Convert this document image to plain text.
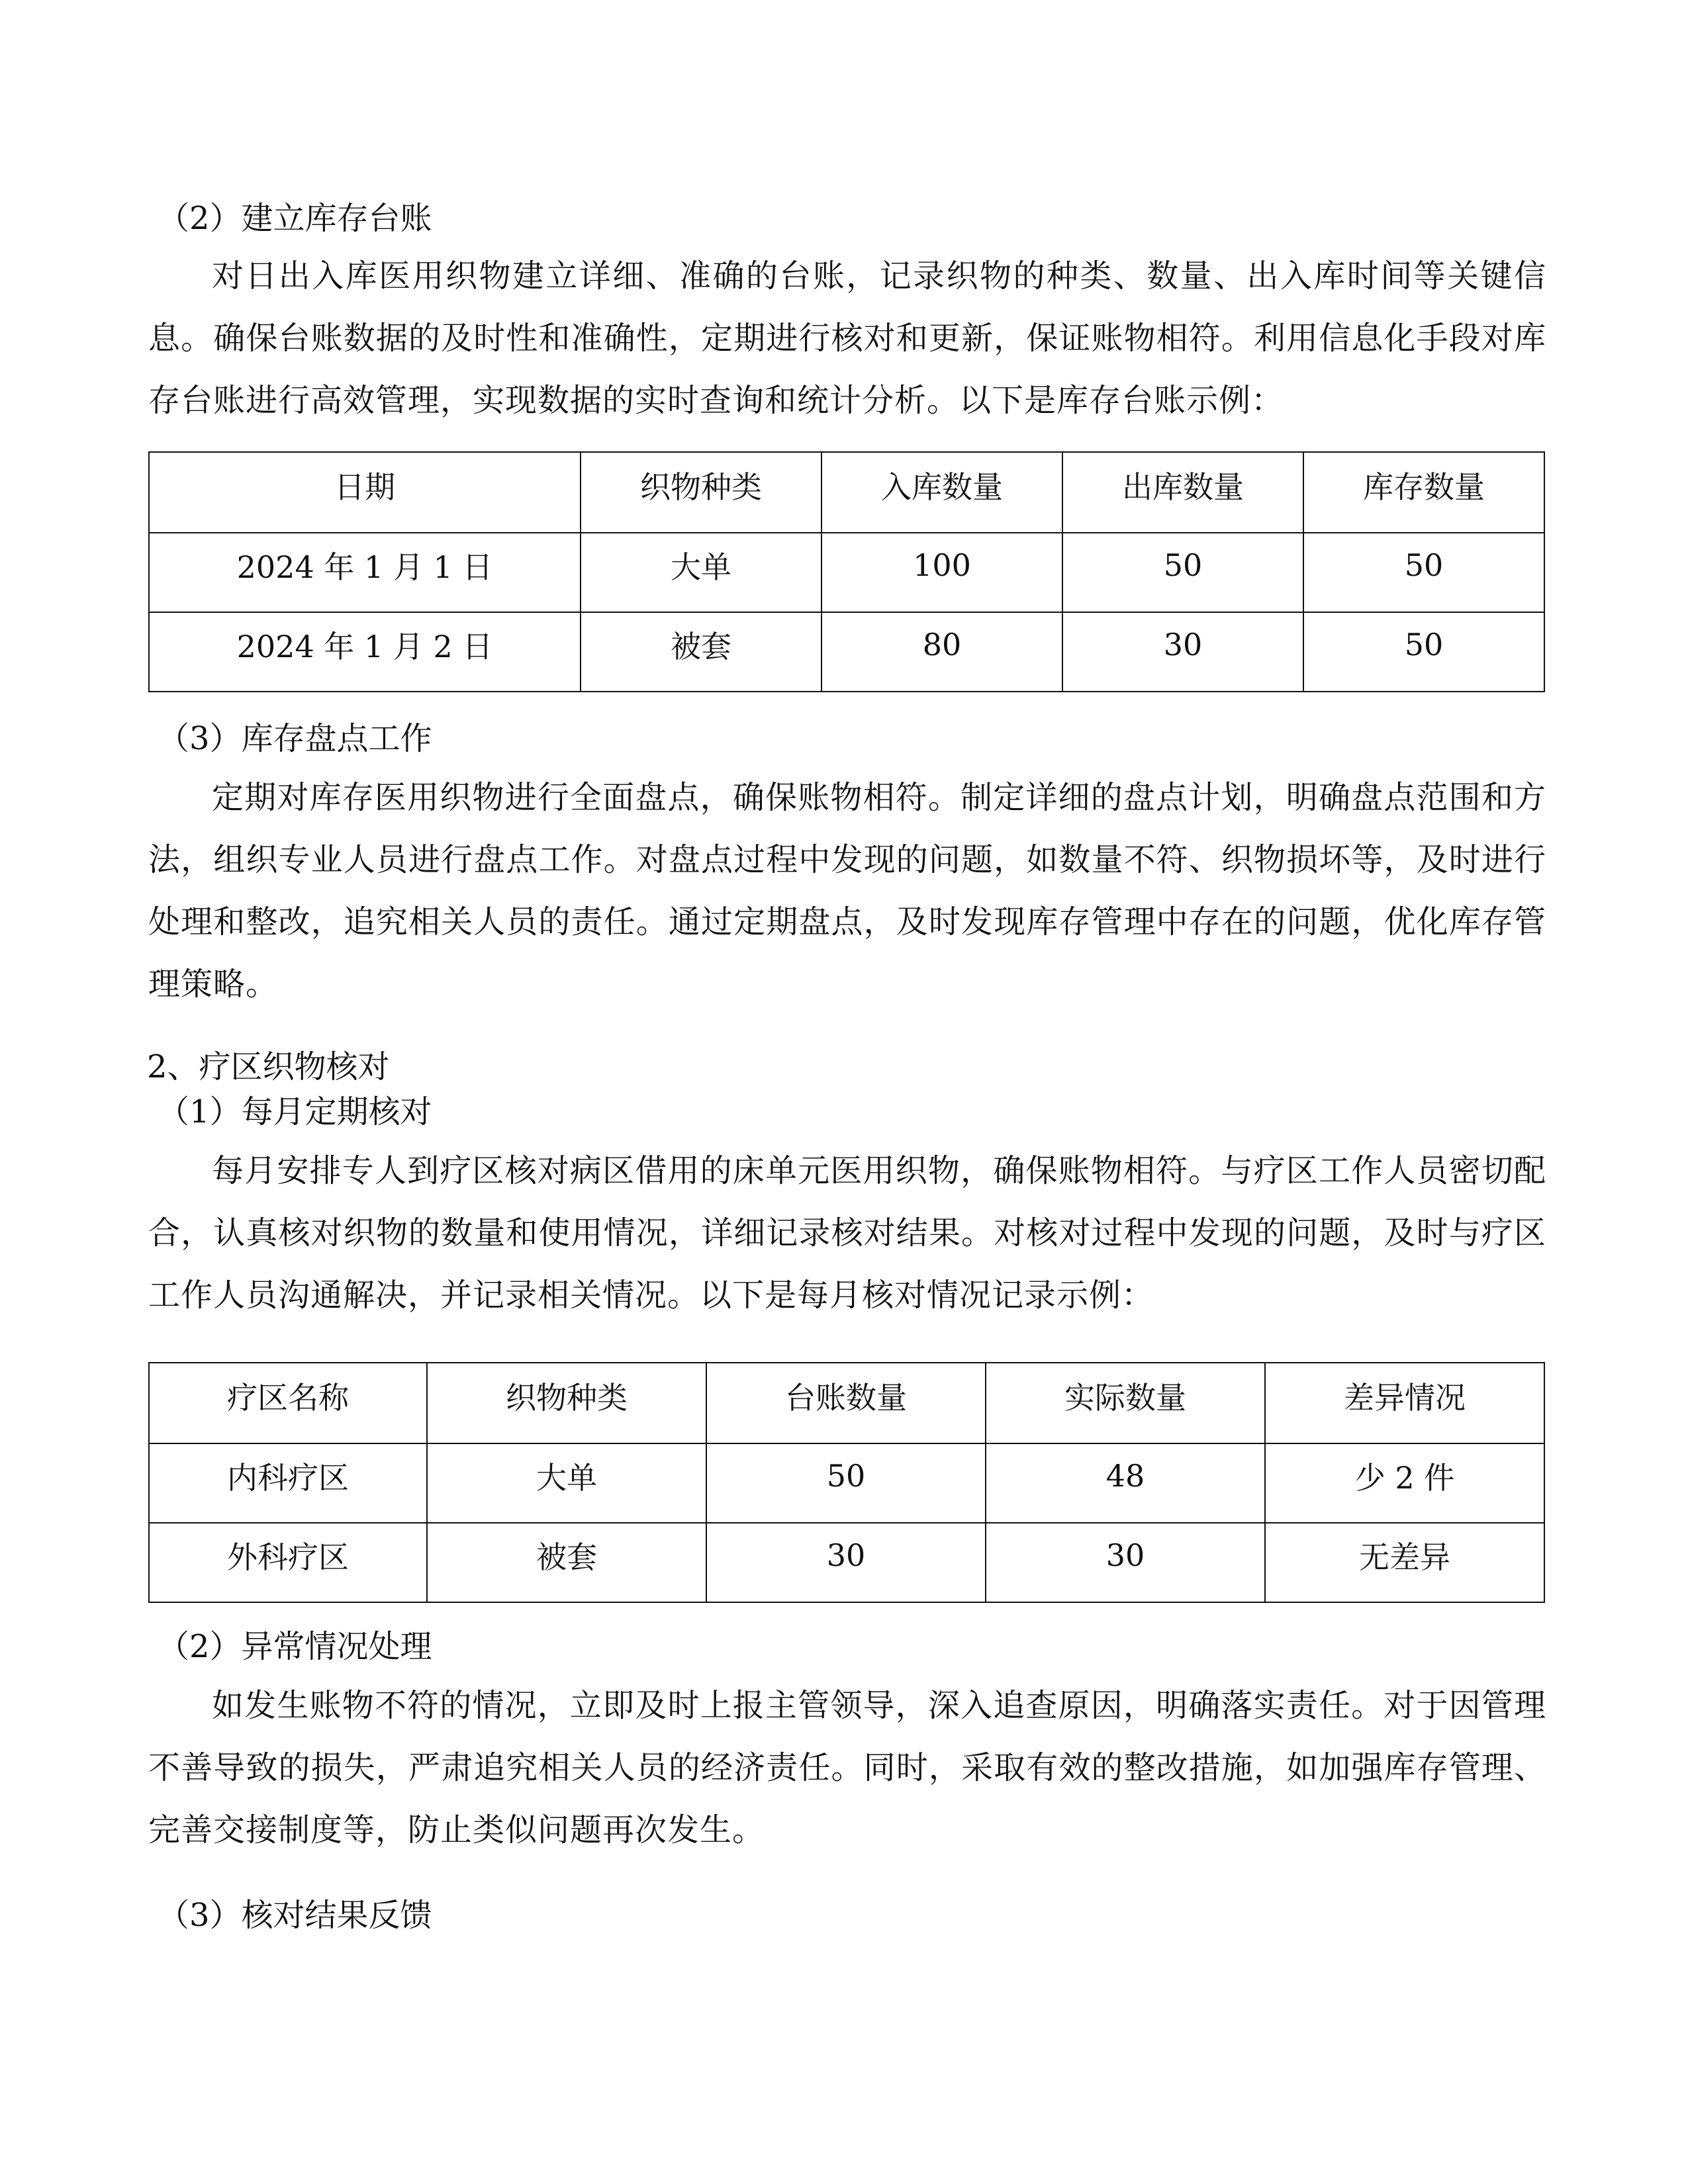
（2）建立库存台账

对日出入库医用织物建立详细、准确的台账，记录织物的种类、数量、出入库时间等关键信息。确保台账数据的及时性和准确性，定期进行核对和更新，保证账物相符。利用信息化手段对库存台账进行高效管理，实现数据的实时查询和统计分析。以下是库存台账示例：

日期	织物种类	入库数量	出库数量	库存数量
2024 年 1 月 1 日	大单	100	50	50
2024 年 1 月 2 日	被套	80	30	50
（3）库存盘点工作

定期对库存医用织物进行全面盘点，确保账物相符。制定详细的盘点计划，明确盘点范围和方法，组织专业人员进行盘点工作。对盘点过程中发现的问题，如数量不符、织物损坏等，及时进行处理和整改，追究相关人员的责任。通过定期盘点，及时发现库存管理中存在的问题，优化库存管理策略。

2、疗区织物核对
（1）每月定期核对

每月安排专人到疗区核对病区借用的床单元医用织物，确保账物相符。与疗区工作人员密切配合，认真核对织物的数量和使用情况，详细记录核对结果。对核对过程中发现的问题，及时与疗区工作人员沟通解决，并记录相关情况。以下是每月核对情况记录示例：

疗区名称	织物种类	台账数量	实际数量	差异情况
内科疗区	大单	50	48	少 2 件
外科疗区	被套	30	30	无差异
（2）异常情况处理

如发生账物不符的情况，立即及时上报主管领导，深入追查原因，明确落实责任。对于因管理不善导致的损失，严肃追究相关人员的经济责任。同时，采取有效的整改措施，如加强库存管理、完善交接制度等，防止类似问题再次发生。

（3）核对结果反馈
